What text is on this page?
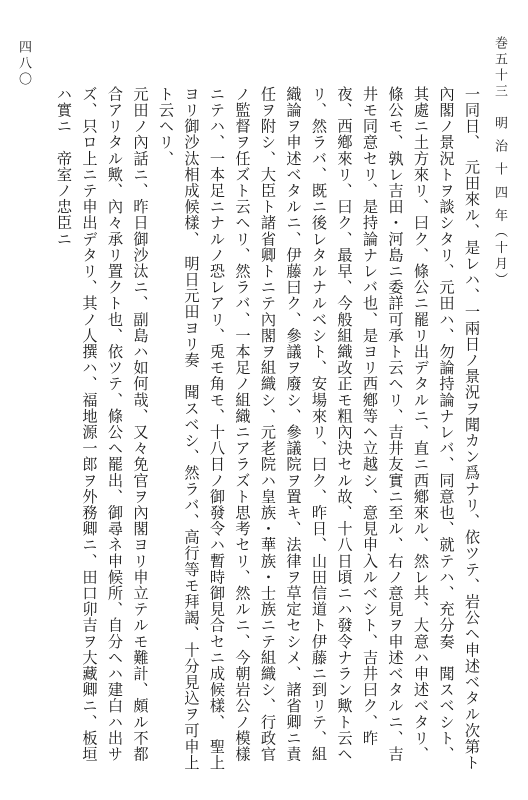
巻五十三　明 治 十 四 年（十月）
四八〇
一同日、　元田來ル、是レハ、一兩日ノ景況ヲ聞カン爲ナリ、依ツテ、岩公ヘ申述ベタル次第ト內閣ノ景況トヲ談シタリ、元田ハ、勿論持論ナレバ、同意也、就テハ、充分奏　聞スベシト、其處ニ土方來リ、曰ク、條公ニ罷リ出デタルニ、直ニ西鄕來ル、然レ共、大意ハ申述ベタリ、條公モ、孰レ吉田・河島ニ委詳可承ト云ヘリ、吉井友實ニ至ル、右ノ意見ヲ申述ベタルニ、吉井モ同意セリ、是持論ナレバ也、是ヨリ西鄕等ヘ立越シ、意見申入ルベシト、吉井曰ク、昨夜、西鄕來リ、曰ク、最早、今般組織改正モ粗內決セル故、十八日頃ニハ發令ナラン歟ト云ヘリ、然ラバ、既ニ後レタルナルベシト、安場來リ、曰ク、昨日、山田信道ト伊藤ニ到リテ、組織論ヲ申述ベタルニ、伊藤曰ク、參議ヲ廢シ、參議院ヲ置キ、法律ヲ草定セシメ、諸省卿ニ責任ヲ附シ、大臣ト諸省卿トニテ內閣ヲ組織シ、元老院ハ皇族・華族・士族ニテ組織シ、行政官ノ監督ヲ任ズト云ヘリ、然ラバ、一本足ノ組織ニアラズト思考セリ、然ルニ、今朝岩公ノ模樣ニテハ、一本足ニナルノ恐レアリ、兎モ角モ、十八日ノ御發令ハ暫時御見合セニ成候樣、　聖上ヨリ御沙汰相成候樣、　明日元田ヨリ奏　聞スベシ、然ラバ、高行等モ拜謁、十分見込ヲ可申上ト云ヘリ、
元田ノ內話ニ、昨日御沙汰ニ、副島ハ如何哉、又々免官ヲ內閣ヨリ申立テルモ難計、頗ル不都合アリタル歟、內々承リ置クト也、依ツテ、條公ヘ罷出、御尋ネ申候所、自分ヘハ建白ハ出サズ、只ロ上ニテ申出デタリ、其ノ人撰ハ、福地源一郎ヲ外務卿ニ、田口卯吉ヲ大藏卿ニ、板垣ハ實ニ　帝室ノ忠臣ニ
